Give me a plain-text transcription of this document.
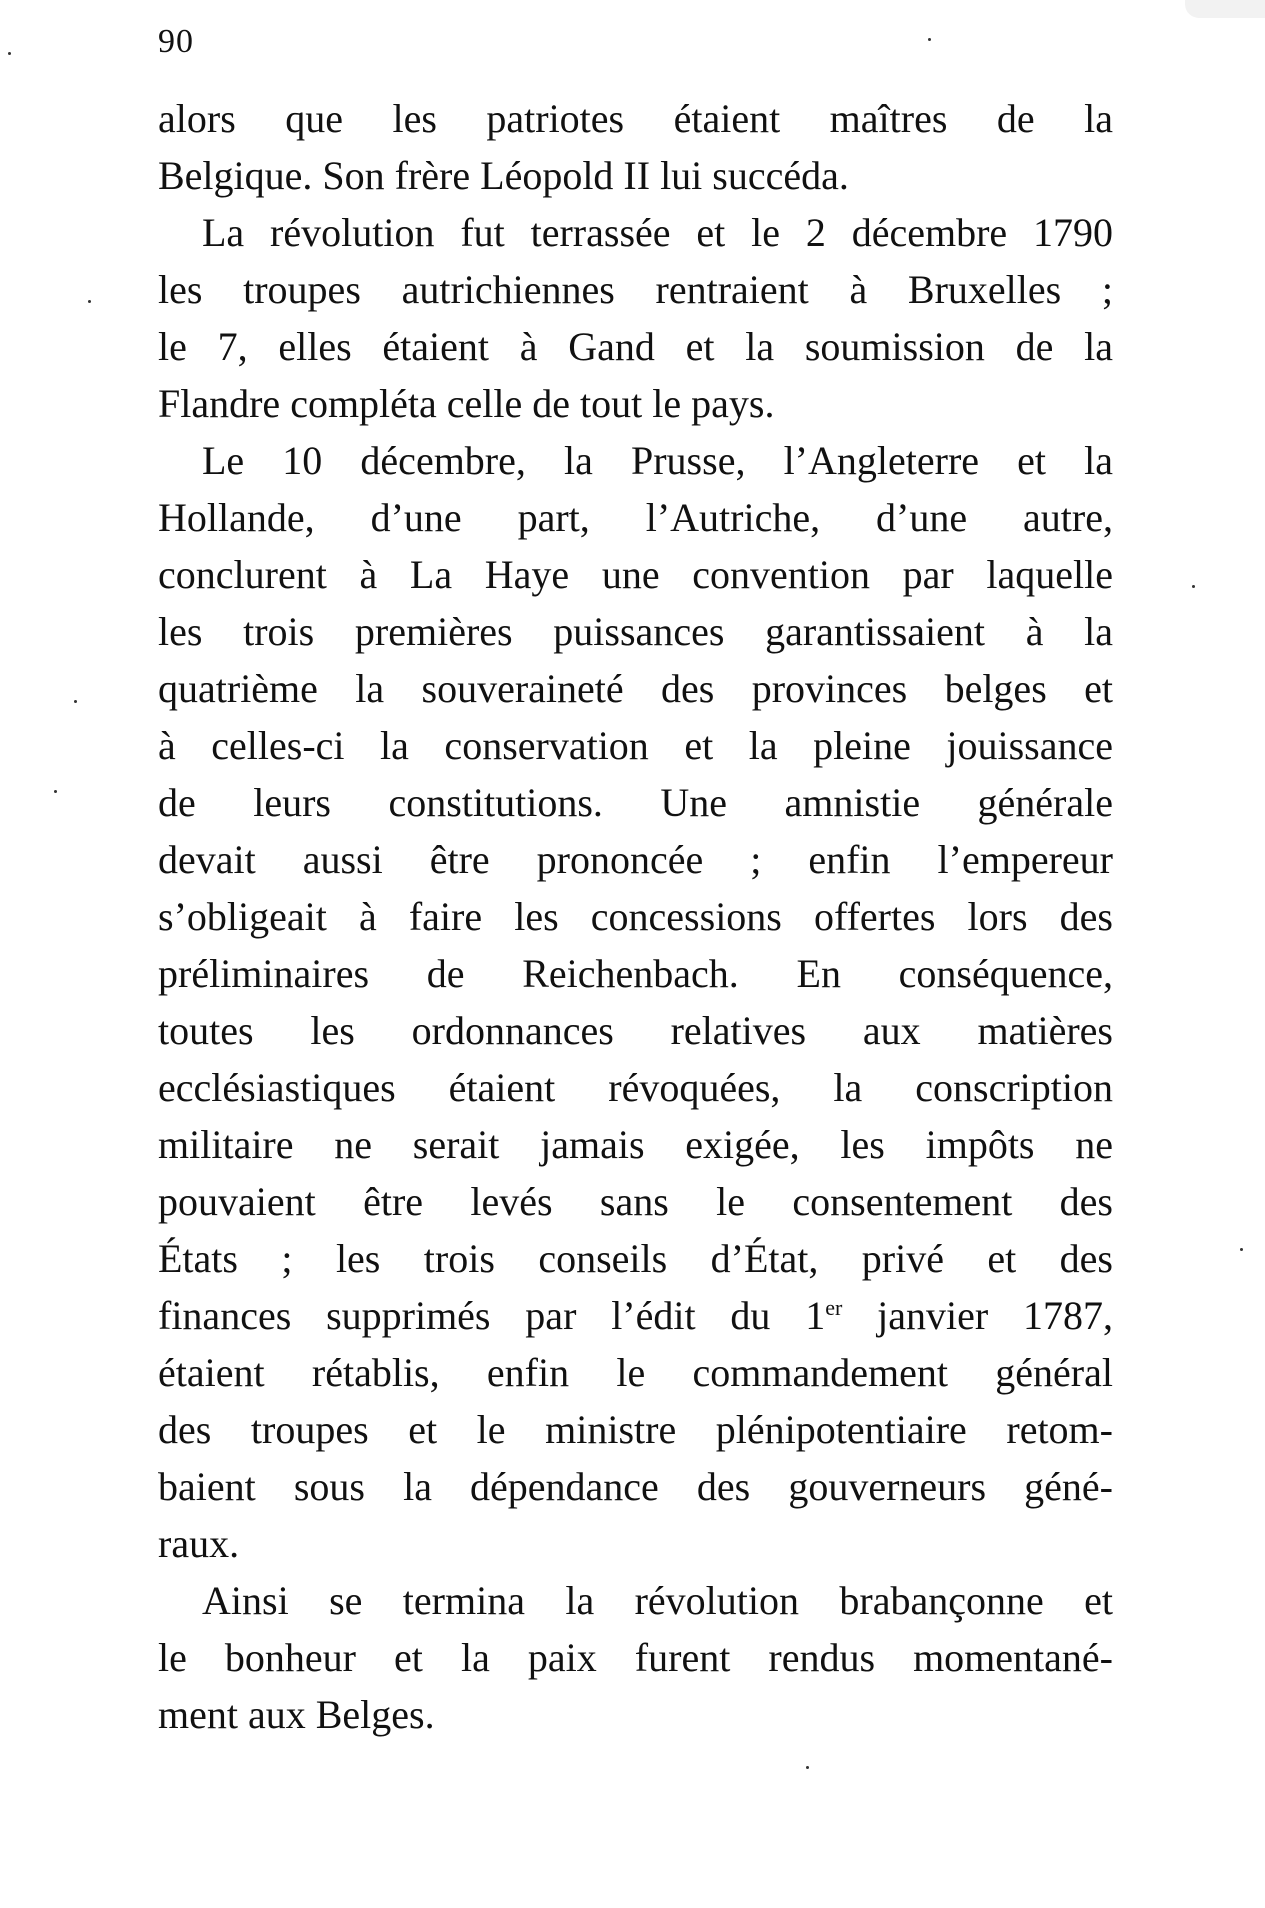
90
alors que les patriotes étaient maîtres de la
Belgique. Son frère Léopold II lui succéda.
La révolution fut terrassée et le 2 décembre 1790
les troupes autrichiennes rentraient à Bruxelles ;
le 7, elles étaient à Gand et la soumission de la
Flandre compléta celle de tout le pays.
Le 10 décembre, la Prusse, l’Angleterre et la
Hollande, d’une part, l’Autriche, d’une autre,
conclurent à La Haye une convention par laquelle
les trois premières puissances garantissaient à la
quatrième la souveraineté des provinces belges et
à celles-ci la conservation et la pleine jouissance
de leurs constitutions. Une amnistie générale
devait aussi être prononcée ; enfin l’empereur
s’obligeait à faire les concessions offertes lors des
préliminaires de Reichenbach. En conséquence,
toutes les ordonnances relatives aux matières
ecclésiastiques étaient révoquées, la conscription
militaire ne serait jamais exigée, les impôts ne
pouvaient être levés sans le consentement des
États ; les trois conseils d’État, privé et des
finances supprimés par l’édit du 1er janvier 1787,
étaient rétablis, enfin le commandement général
des troupes et le ministre plénipotentiaire retom-
baient sous la dépendance des gouverneurs géné-
raux.
Ainsi se termina la révolution brabançonne et
le bonheur et la paix furent rendus momentané-
ment aux Belges.
